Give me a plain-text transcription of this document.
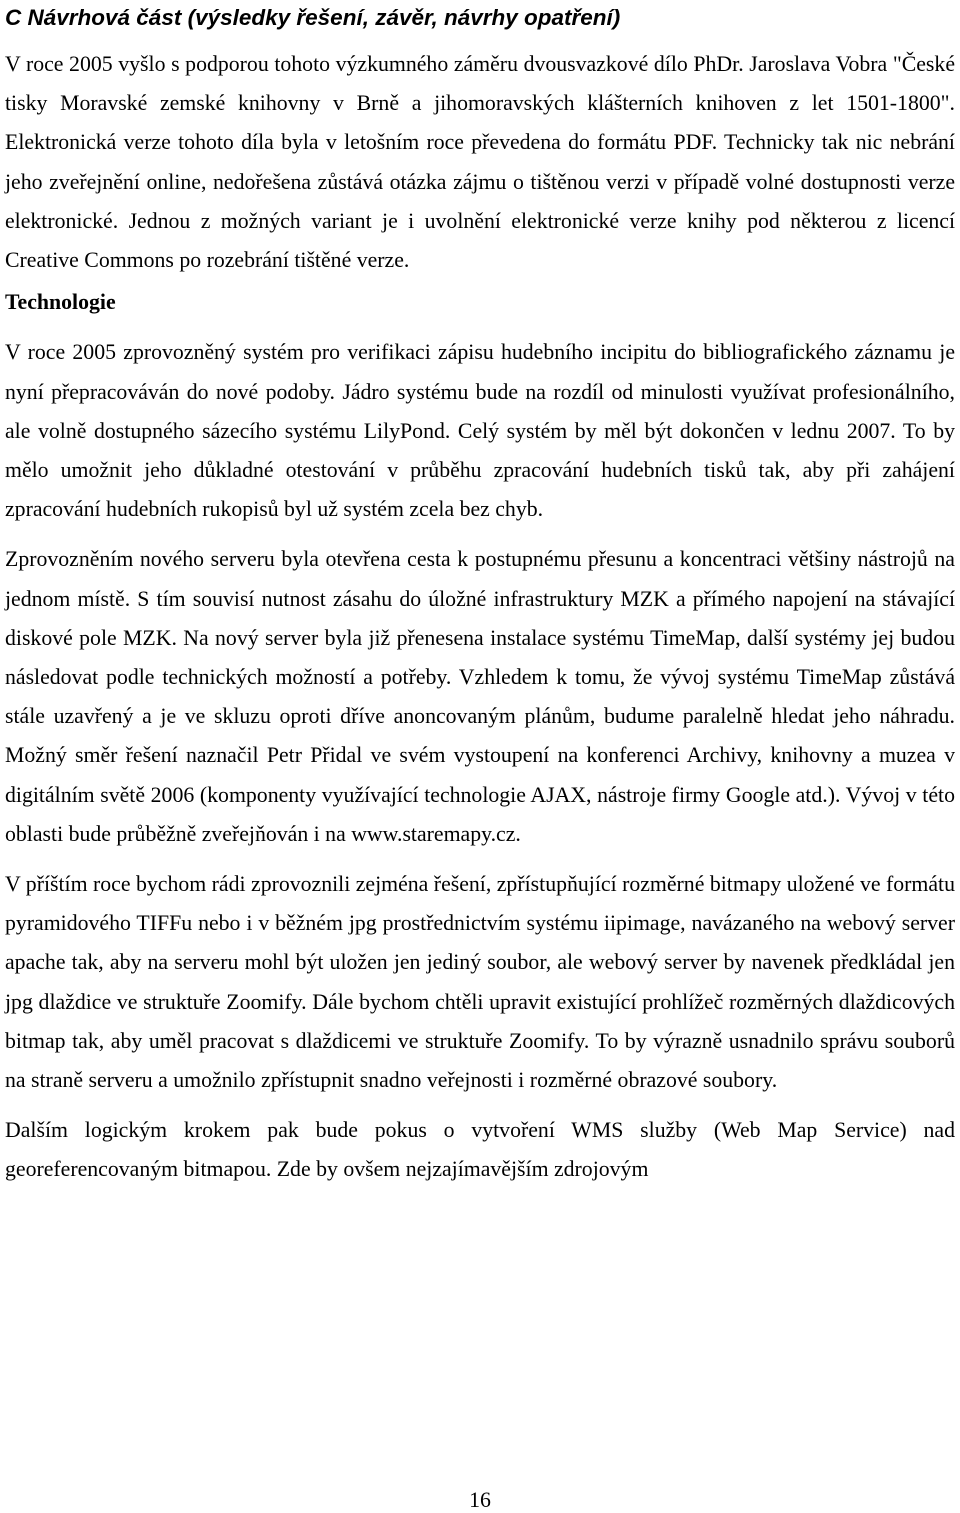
C Návrhová část (výsledky řešení, závěr, návrhy opatření)

V roce 2005 vyšlo s podporou tohoto výzkumného záměru dvousvazkové dílo PhDr. Jaroslava Vobra "České tisky Moravské zemské knihovny v Brně a jihomoravských klášterních knihoven z let 1501-1800". Elektronická verze tohoto díla byla v letošním roce převedena do formátu PDF. Technicky tak nic nebrání jeho zveřejnění online, nedořešena zůstává otázka zájmu o tištěnou verzi v případě volné dostupnosti verze elektronické. Jednou z možných variant je i uvolnění elektronické verze knihy pod některou z licencí Creative Commons po rozebrání tištěné verze.

Technologie

V roce 2005 zprovozněný systém pro verifikaci zápisu hudebního incipitu do bibliografického záznamu je nyní přepracováván do nové podoby. Jádro systému bude na rozdíl od minulosti využívat profesionálního, ale volně dostupného sázecího systému LilyPond. Celý systém by měl být dokončen v lednu 2007. To by mělo umožnit jeho důkladné otestování v průběhu zpracování hudebních tisků tak, aby při zahájení zpracování hudebních rukopisů byl už systém zcela bez chyb.

Zprovozněním nového serveru byla otevřena cesta k postupnému přesunu a koncentraci většiny nástrojů na jednom místě. S tím souvisí nutnost zásahu do úložné infrastruktury MZK a přímého napojení na stávající diskové pole MZK. Na nový server byla již přenesena instalace systému TimeMap, další systémy jej budou následovat podle technických možností a potřeby. Vzhledem k tomu, že vývoj systému TimeMap zůstává stále uzavřený a je ve skluzu oproti dříve anoncovaným plánům, budume paralelně hledat jeho náhradu. Možný směr řešení naznačil Petr Přidal ve svém vystoupení na konferenci Archivy, knihovny a muzea v digitálním světě 2006 (komponenty využívající technologie AJAX, nástroje firmy Google atd.). Vývoj v této oblasti bude průběžně zveřejňován i na www.staremapy.cz.

V příštím roce bychom rádi zprovoznili zejména řešení, zpřístupňující rozměrné bitmapy uložené ve formátu pyramidového TIFFu nebo i v běžném jpg prostřednictvím systému iipimage, navázaného na webový server apache tak, aby na serveru mohl být uložen jen jediný soubor, ale webový server by navenek předkládal jen jpg dlaždice ve struktuře Zoomify. Dále bychom chtěli upravit existující prohlížeč rozměrných dlaždicových bitmap tak, aby uměl pracovat s dlaždicemi ve struktuře Zoomify. To by výrazně usnadnilo správu souborů na straně serveru a umožnilo zpřístupnit snadno veřejnosti i rozměrné obrazové soubory.

Dalším logickým krokem pak bude pokus o vytvoření WMS služby (Web Map Service) nad georeferencovaným bitmapou. Zde by ovšem nejzajímavějším zdrojovým

16
